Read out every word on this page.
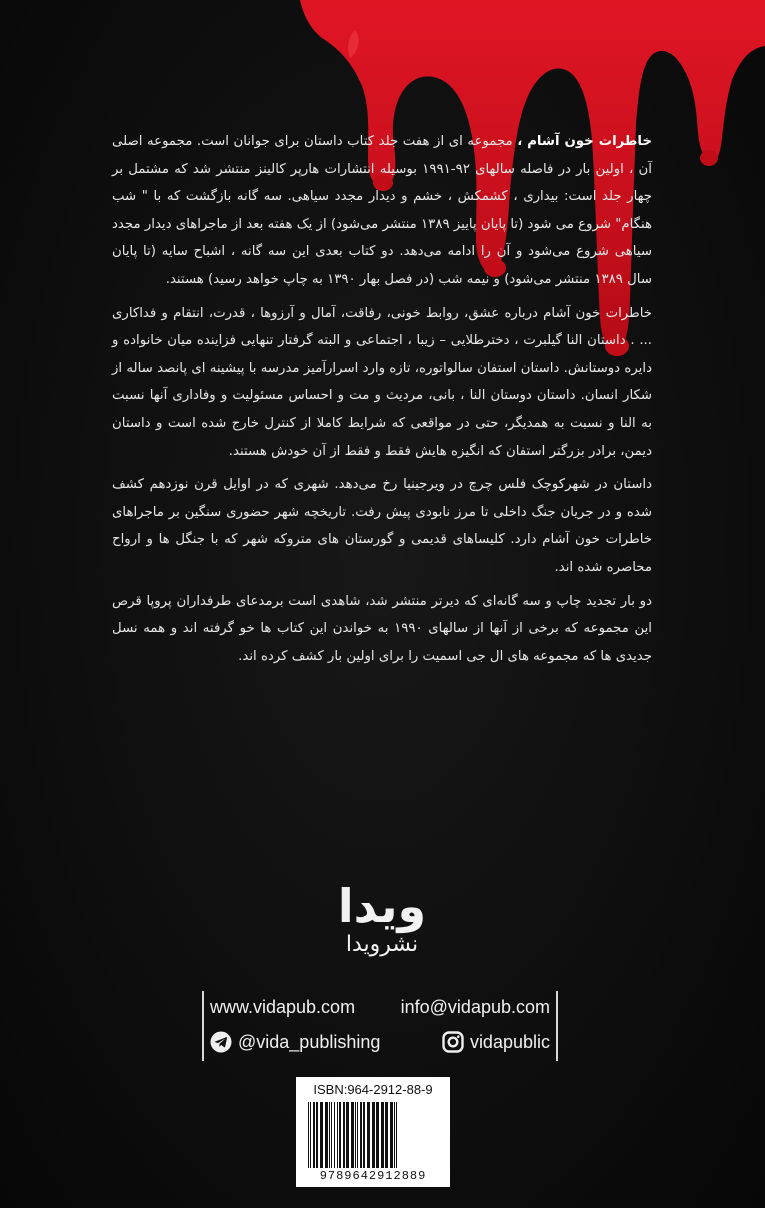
خاطرات خون آشام ، مجموعه ای از هفت جلد کتاب داستان برای جوانان است. مجموعه اصلی آن ، اولین بار در فاصله سالهای ۹۲-۱۹۹۱ بوسیله انتشارات هارپر کالینز منتشر شد که مشتمل بر چهار جلد است: بیداری ، کشمکش ، خشم و دیدار مجدد سیاهی. سه گانه بازگشت که با " شب هنگام" شروع می شود (تا پایان پاییز ۱۳۸۹ منتشر می‌شود) از یک هفته بعد از ماجراهای دیدار مجدد سیاهی شروع می‌شود و آن را ادامه می‌دهد. دو کتاب بعدی این سه گانه ، اشباح سایه (تا پایان سال ۱۳۸۹ منتشر می‌شود) و نیمه شب (در فصل بهار ۱۳۹۰ به چاپ خواهد رسید) هستند.

خاطرات خون آشام درباره عشق، روابط خونی، رفاقت، آمال و آرزوها ، قدرت، انتقام و فداکاری ... . داستان النا گیلبرت ، دخترطلایی – زیبا ، اجتماعی و البته گرفتار تنهایی فزاینده میان خانواده و دایره دوستانش. داستان استفان سالواتوره، تازه وارد اسرارآمیز مدرسه با پیشینه ای پانصد ساله از شکار انسان. داستان دوستان النا ، بانی، مردیث و مت و احساس مسئولیت و وفاداری آنها نسبت به النا و نسبت به همدیگر، حتی در مواقعی که شرایط کاملا از کنترل خارج شده است و داستان دیمن، برادر بزرگتر استفان که انگیزه هایش فقط و فقط از آن خودش هستند.

داستان در شهرکوچک فلس چرچ در ویرجینیا رخ می‌دهد. شهری که در اوایل قرن نوزدهم کشف شده و در جریان جنگ داخلی تا مرز نابودی پیش رفت. تاریخچه شهر حضوری سنگین بر ماجراهای خاطرات خون آشام دارد. کلیساهای قدیمی و گورستان های متروکه شهر که با جنگل ها و ارواح محاصره شده اند.

دو بار تجدید چاپ و سه گانه‌ای که دیرتر منتشر شد، شاهدی است برمدعای طرفداران پروپا قرص این مجموعه که برخی از آنها از سالهای ۱۹۹۰ به خواندن این کتاب ها خو گرفته اند و همه نسل جدیدی ها که مجموعه های ال جی اسمیت را برای اولین بار کشف کرده اند.

ویدا
نشرویدا
www.vidapub.com	info@vidapub.com
@vida_publishing	vidapublic
ISBN:964-2912-88-9
9789642912889
